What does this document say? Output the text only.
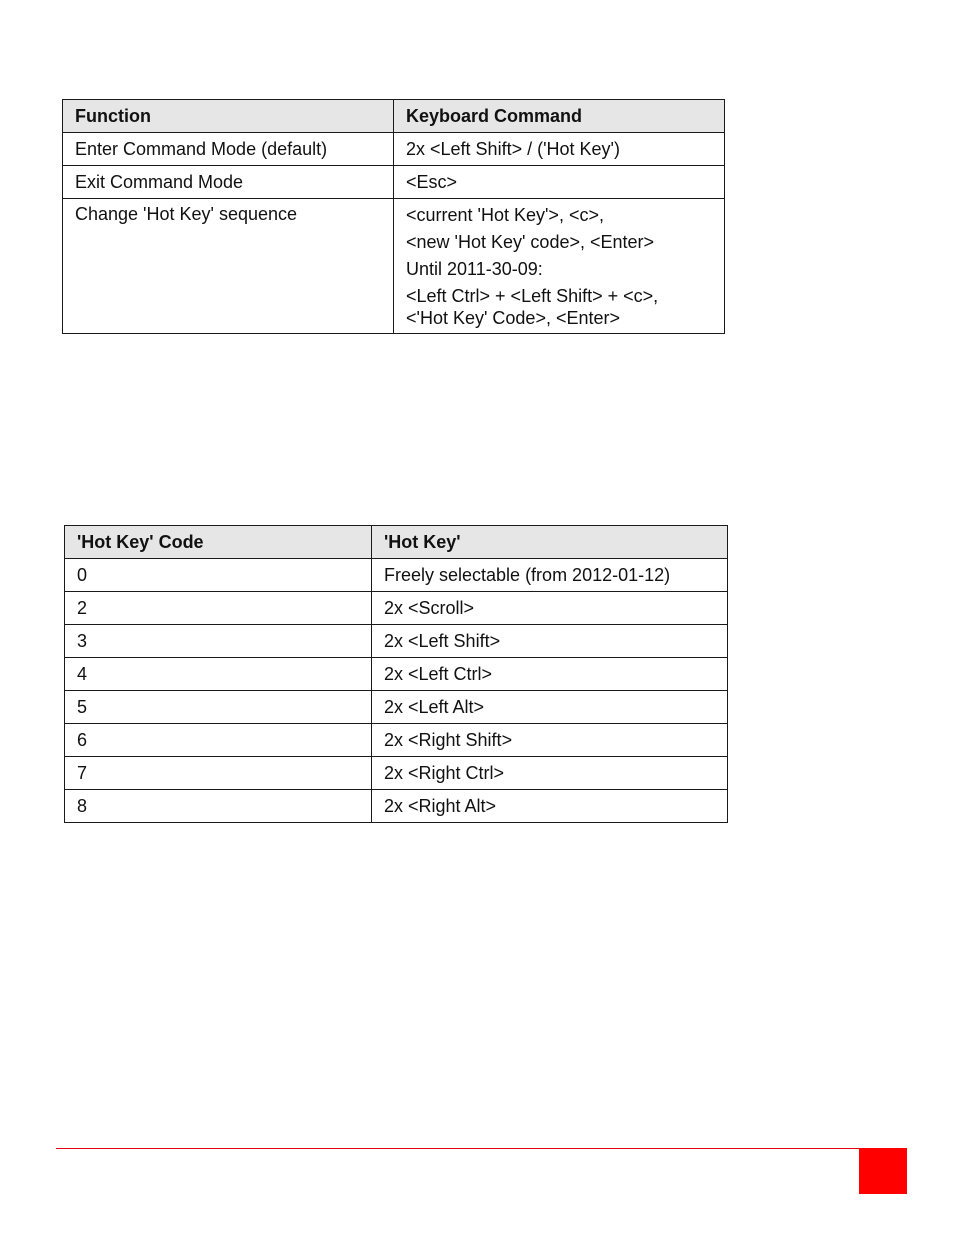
Function	Keyboard Command
Enter Command Mode (default)	2x <Left Shift> / ('Hot Key')
Exit Command Mode	<Esc>
Change 'Hot Key' sequence	<current 'Hot Key'>, <c>,
<new 'Hot Key' code>, <Enter>
Until 2011-30-09:
<Left Ctrl> + <Left Shift> + <c>,
<'Hot Key' Code>, <Enter>
'Hot Key' Code	'Hot Key'
0	Freely selectable (from 2012-01-12)
2	2x <Scroll>
3	2x <Left Shift>
4	2x <Left Ctrl>
5	2x <Left Alt>
6	2x <Right Shift>
7	2x <Right Ctrl>
8	2x <Right Alt>
